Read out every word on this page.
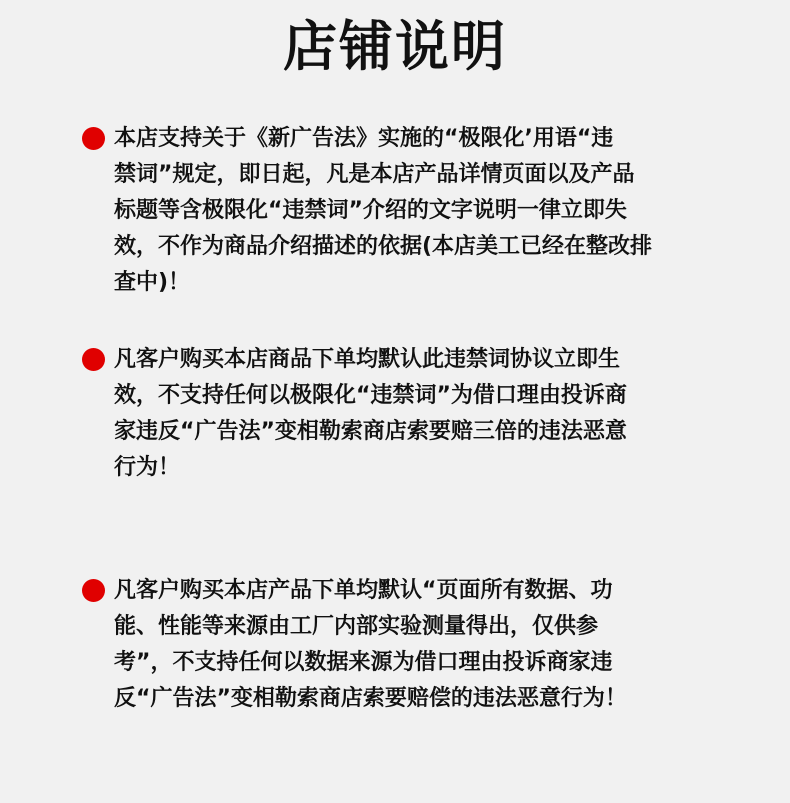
店铺说明
本店支持关于《新广告法》实施的“极限化’用语“违
禁词”规定，即日起，凡是本店产品详情页面以及产品
标题等含极限化“违禁词”介绍的文字说明一律立即失
效，不作为商品介绍描述的依据(本店美工已经在整改排
查中)！
凡客户购买本店商品下单均默认此违禁词协议立即生
效，不支持任何以极限化“违禁词”为借口理由投诉商
家违反“广告法”变相勒索商店索要赔三倍的违法恶意
行为！
凡客户购买本店产品下单均默认“页面所有数据、功
能、性能等来源由工厂内部实验测量得出，仅供参
考”，不支持任何以数据来源为借口理由投诉商家违
反“广告法”变相勒索商店索要赔偿的违法恶意行为！
